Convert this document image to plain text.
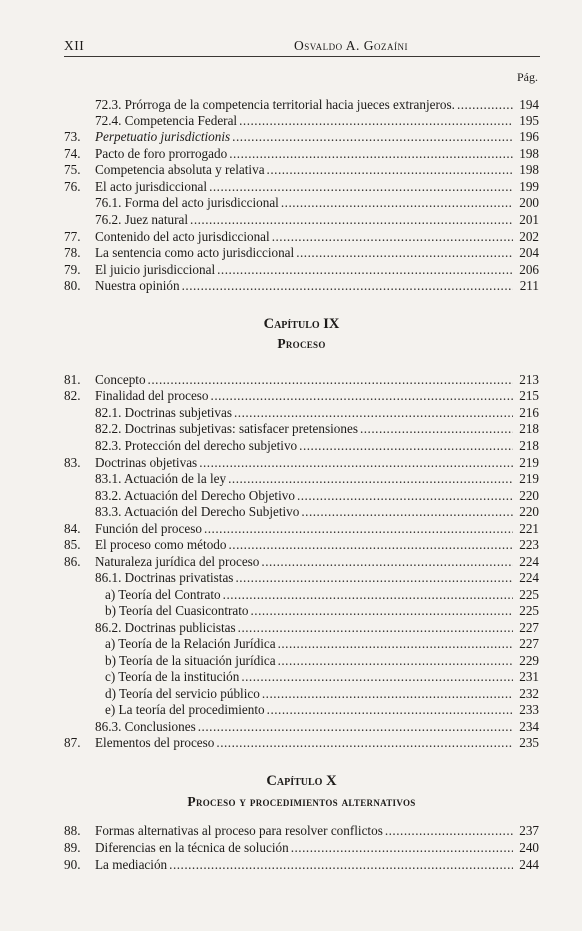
XII	Osvaldo A. Gozaíni
Pág.
Capítulo IX
Proceso
Capítulo X
Proceso y procedimientos alternativos
72.3. Prórroga de la competencia territorial hacia jueces extranjeros. .....	194
72.4. Competencia Federal .....	195
73. Perpetuatio jurisdictionis .....	196
74. Pacto de foro prorrogado .....	198
75. Competencia absoluta y relativa .....	198
76. El acto jurisdiccional .....	199
76.1. Forma del acto jurisdiccional .....	200
76.2. Juez natural .....	201
77. Contenido del acto jurisdiccional .....	202
78. La sentencia como acto jurisdiccional .....	204
79. El juicio jurisdiccional .....	206
80. Nuestra opinión .....	211
81. Concepto .....	213
82. Finalidad del proceso .....	215
82.1. Doctrinas subjetivas .....	216
82.2. Doctrinas subjetivas: satisfacer pretensiones .....	218
82.3. Protección del derecho subjetivo .....	218
83. Doctrinas objetivas .....	219
83.1. Actuación de la ley .....	219
83.2. Actuación del Derecho Objetivo .....	220
83.3. Actuación del Derecho Subjetivo .....	220
84. Función del proceso .....	221
85. El proceso como método .....	223
86. Naturaleza jurídica del proceso .....	224
86.1. Doctrinas privatistas .....	224
a) Teoría del Contrato .....	225
b) Teoría del Cuasicontrato .....	225
86.2. Doctrinas publicistas .....	227
a) Teoría de la Relación Jurídica .....	227
b) Teoría de la situación jurídica .....	229
c) Teoría de la institución .....	231
d) Teoría del servicio público .....	232
e) La teoría del procedimiento .....	233
86.3. Conclusiones .....	234
87. Elementos del proceso .....	235
88. Formas alternativas al proceso para resolver conflictos .....	237
89. Diferencias en la técnica de solución .....	240
90. La mediación .....	244
